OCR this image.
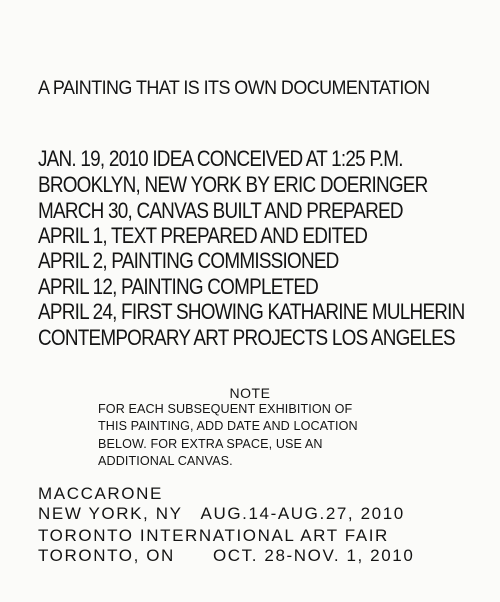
A PAINTING THAT IS ITS OWN DOCUMENTATION
JAN. 19, 2010 IDEA CONCEIVED AT 1:25 P.M.
BROOKLYN, NEW YORK BY ERIC DOERINGER
MARCH 30, CANVAS BUILT AND PREPARED
APRIL 1, TEXT PREPARED AND EDITED
APRIL 2, PAINTING COMMISSIONED
APRIL 12, PAINTING COMPLETED
APRIL 24, FIRST SHOWING KATHARINE MULHERIN
CONTEMPORARY ART PROJECTS LOS ANGELES
NOTE
FOR EACH SUBSEQUENT EXHIBITION OF
THIS PAINTING, ADD DATE AND LOCATION
BELOW. FOR EXTRA SPACE, USE AN
ADDITIONAL CANVAS.
MACCARONE
NEW YORK, NY AUG.14-AUG.27, 2010
TORONTO INTERNATIONAL ART FAIR
TORONTO, ON OCT. 28-NOV. 1, 2010
